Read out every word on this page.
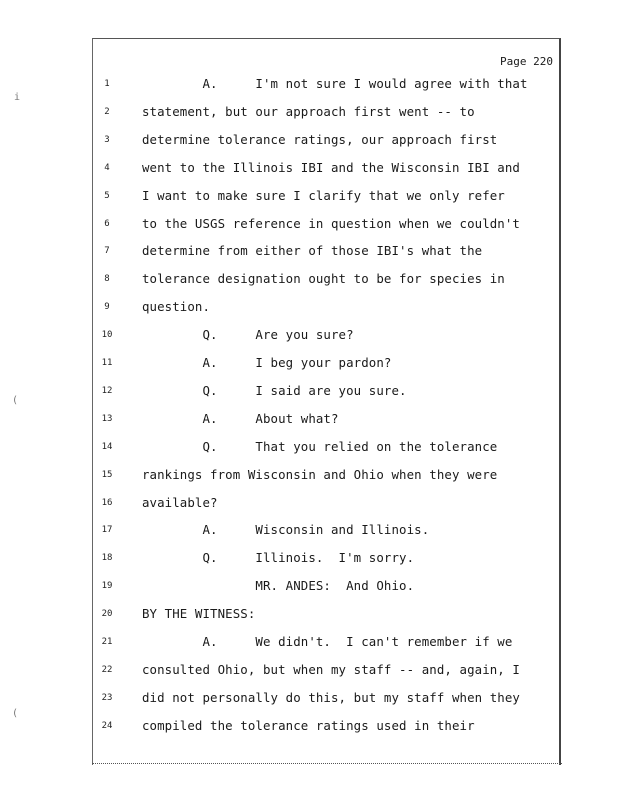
Page 220
1	A.     I'm not sure I would agree with that
2	statement, but our approach first went -- to
3	determine tolerance ratings, our approach first
4	went to the Illinois IBI and the Wisconsin IBI and
5	I want to make sure I clarify that we only refer
6	to the USGS reference in question when we couldn't
7	determine from either of those IBI's what the
8	tolerance designation ought to be for species in
9	question.
10	Q.     Are you sure?
11	A.     I beg your pardon?
12	Q.     I said are you sure.
13	A.     About what?
14	Q.     That you relied on the tolerance
15	rankings from Wisconsin and Ohio when they were
16	available?
17	A.     Wisconsin and Illinois.
18	Q.     Illinois.  I'm sorry.
19	MR. ANDES:  And Ohio.
20	BY THE WITNESS:
21	A.     We didn't.  I can't remember if we
22	consulted Ohio, but when my staff -- and, again, I
23	did not personally do this, but my staff when they
24	compiled the tolerance ratings used in their
i
(
(
